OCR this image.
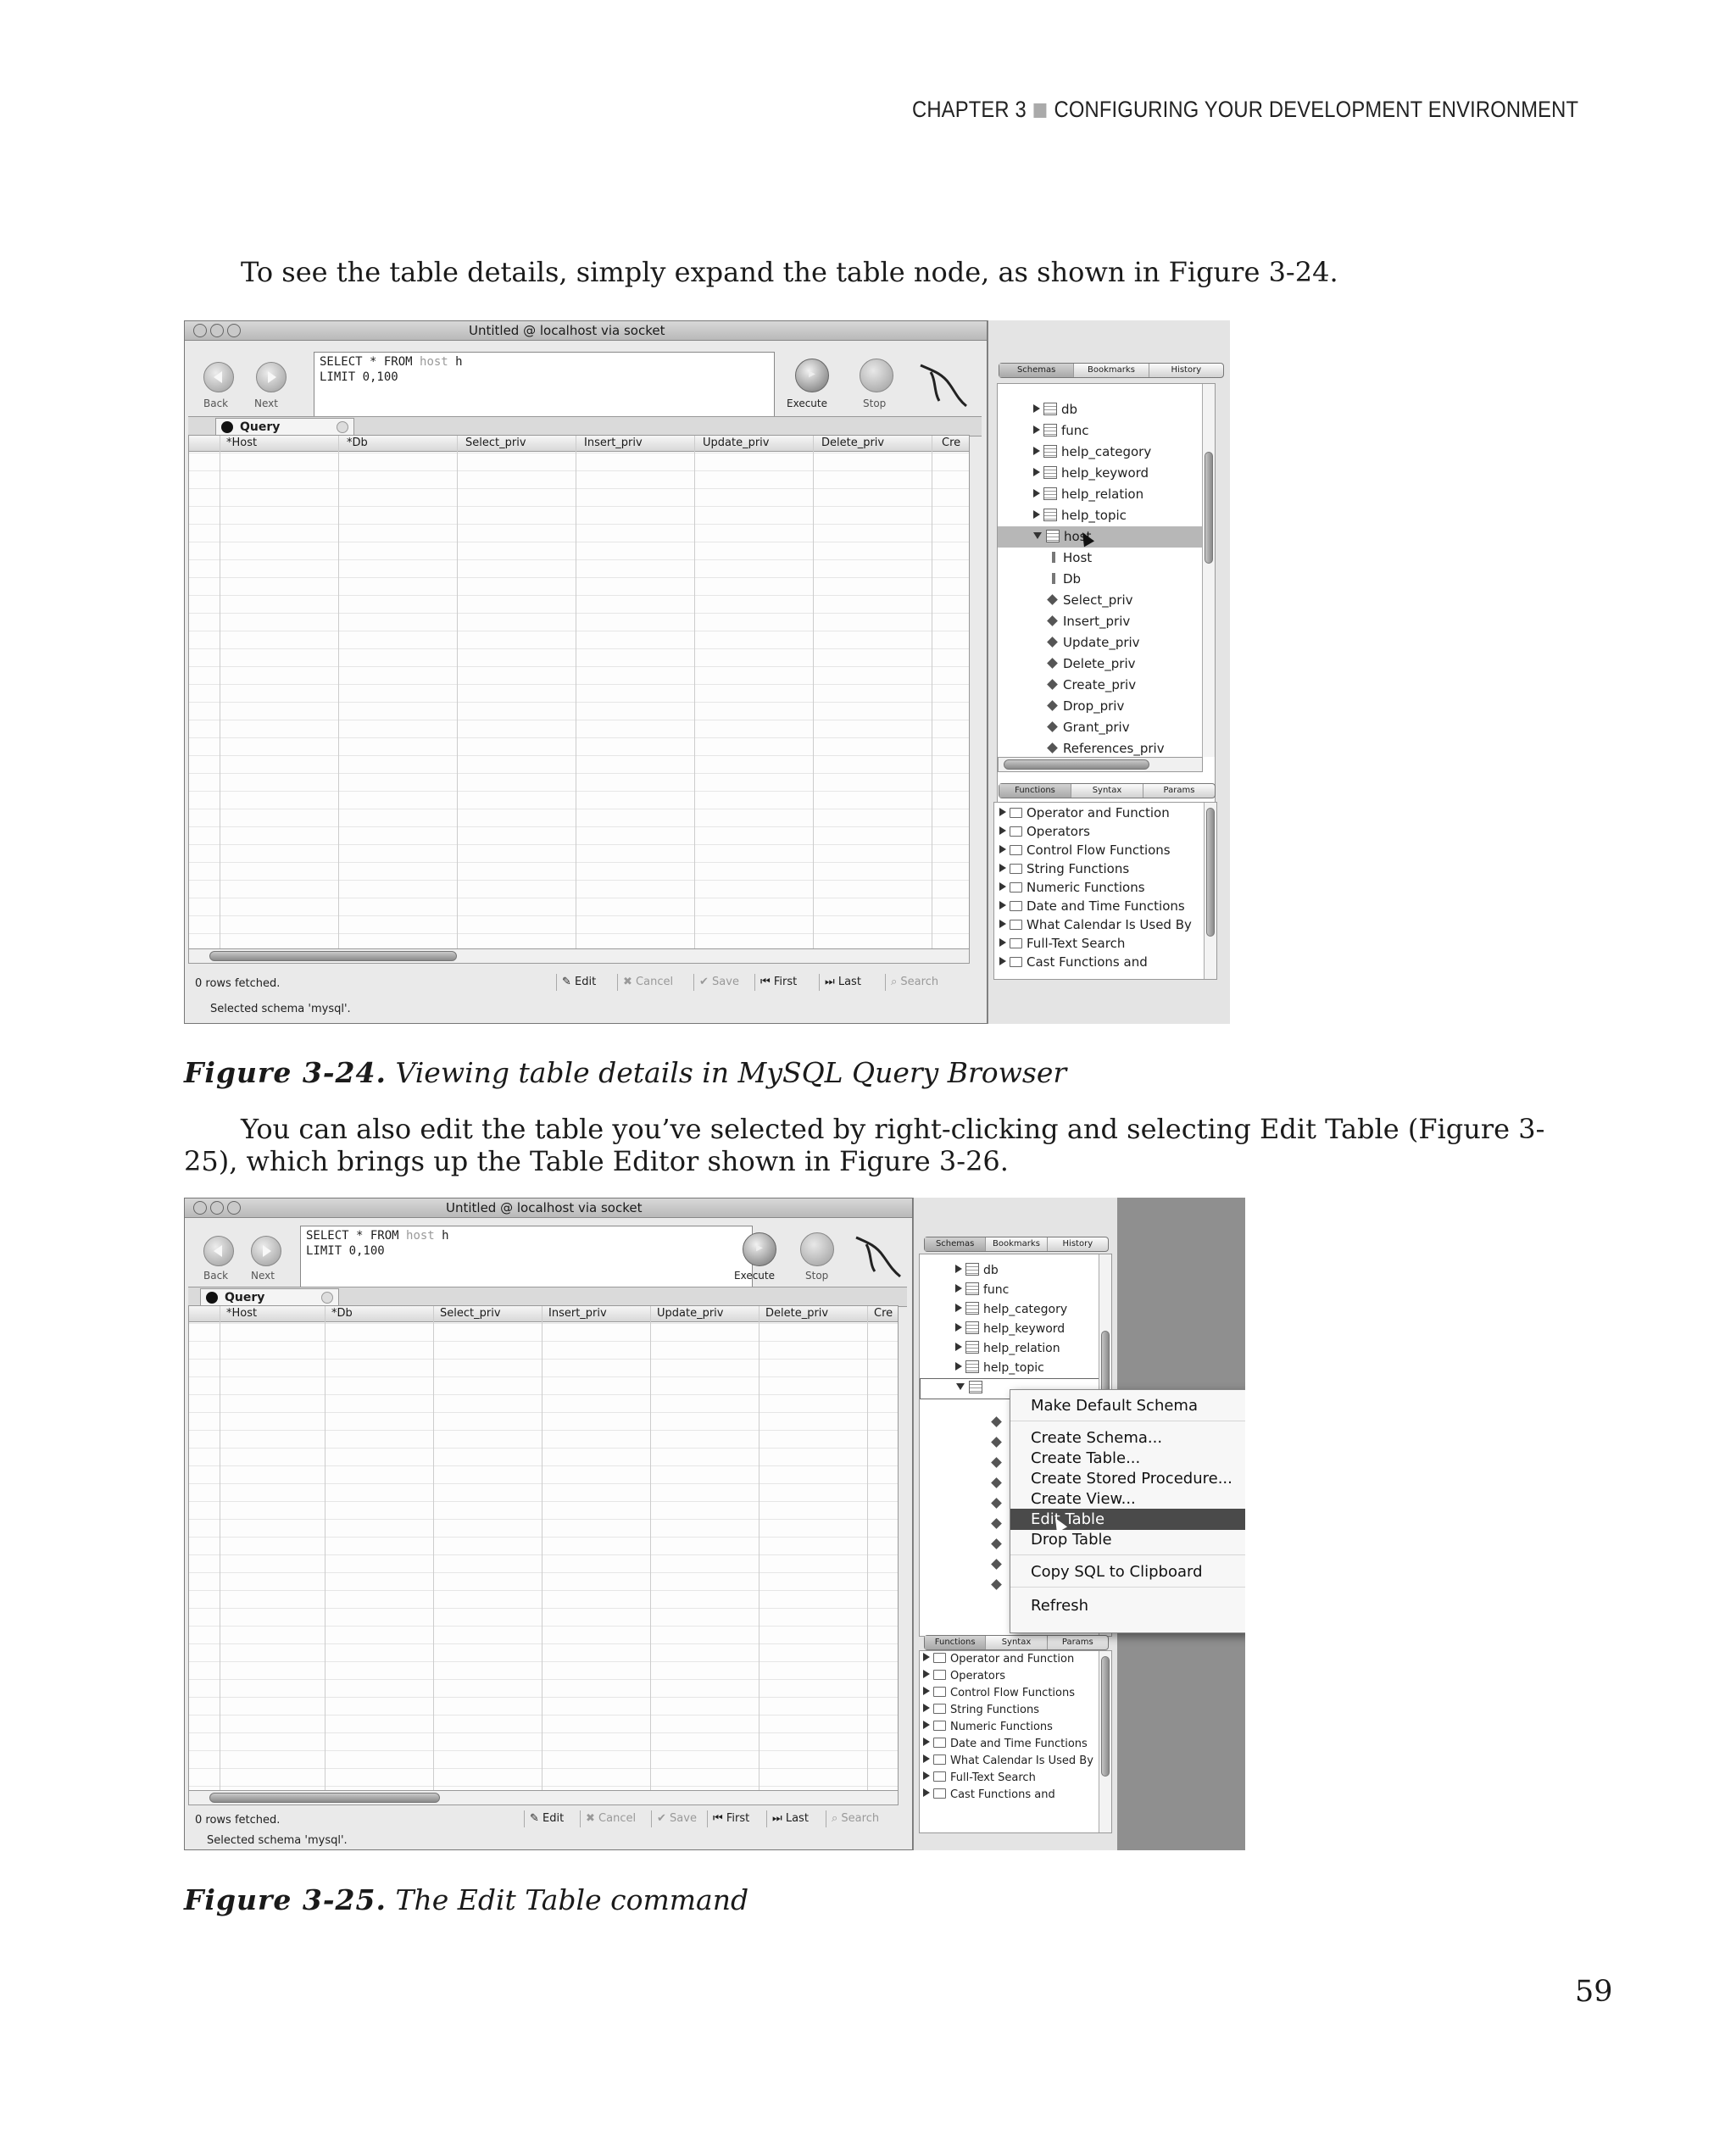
CHAPTER 3 CONFIGURING YOUR DEVELOPMENT ENVIRONMENT
To see the table details, simply expand the table node, as shown in Figure 3-24.
Untitled @ localhost via socket
Back	Next
SELECT * FROM host h
LIMIT 0,100	▶
Execute	Stop
Query
*Host	*Db	Select_priv	Insert_priv	Update_priv	Delete_priv	Cre
0 rows fetched.	✎ Edit	✖ Cancel	✔ Save	⏮ First	⏭ Last	⌕ Search
Selected schema 'mysql'.
Schemas	Bookmarks	History
db
func
help_category
help_keyword
help_relation
help_topic
host
Host
Db
Select_priv
Insert_priv
Update_priv
Delete_priv
Create_priv
Drop_priv
Grant_priv
References_priv
Functions	Syntax	Params
Operator and Function
Operators
Control Flow Functions
String Functions
Numeric Functions
Date and Time Functions
What Calendar Is Used By
Full-Text Search
Cast Functions and
Figure 3-24. Viewing table details in MySQL Query Browser
You can also edit the table you’ve selected by right-clicking and selecting Edit Table (Figure 3-25), which brings up the Table Editor shown in Figure 3-26.
Untitled @ localhost via socket
Back Next
SELECT * FROM host h
LIMIT 0,100	▶
Execute	Stop
Query
*Host	*Db	Select_priv	Insert_priv	Update_priv	Delete_priv	Cre
0 rows fetched.	✎ Edit	✖ Cancel	✔ Save	⏮ First	⏭ Last	⌕ Search
Selected schema 'mysql'.
Schemas	Bookmarks	History
db
func
help_category
help_keyword
help_relation
help_topic
Functions	Syntax	Params
Operator and Function
Operators
Control Flow Functions
String Functions
Numeric Functions
Date and Time Functions
What Calendar Is Used By
Full-Text Search
Cast Functions and
Make Default Schema
Create Schema...
Create Table...
Create Stored Procedure...
Create View...
Edit Table
Drop Table
Copy SQL to Clipboard
Refresh
Figure 3-25. The Edit Table command
59
